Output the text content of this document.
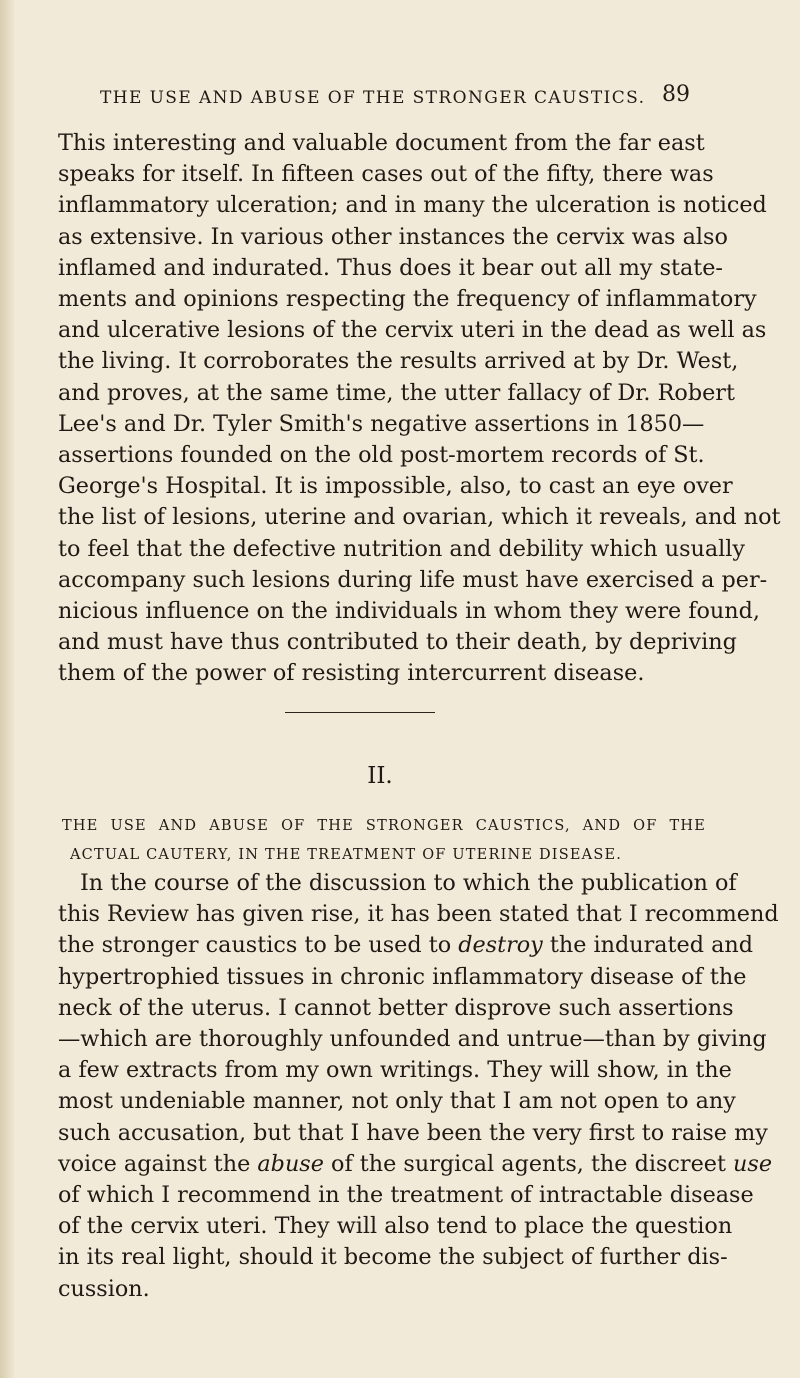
THE USE AND ABUSE OF THE STRONGER CAUSTICS. 89
This interesting and valuable document from the far east
speaks for itself. In fifteen cases out of the fifty, there was
inflammatory ulceration; and in many the ulceration is noticed
as extensive. In various other instances the cervix was also
inflamed and indurated. Thus does it bear out all my state-
ments and opinions respecting the frequency of inflammatory
and ulcerative lesions of the cervix uteri in the dead as well as
the living. It corroborates the results arrived at by Dr. West,
and proves, at the same time, the utter fallacy of Dr. Robert
Lee's and Dr. Tyler Smith's negative assertions in 1850—
assertions founded on the old post-mortem records of St.
George's Hospital. It is impossible, also, to cast an eye over
the list of lesions, uterine and ovarian, which it reveals, and not
to feel that the defective nutrition and debility which usually
accompany such lesions during life must have exercised a per-
nicious influence on the individuals in whom they were found,
and must have thus contributed to their death, by depriving
them of the power of resisting intercurrent disease.
II.
THE USE AND ABUSE OF THE STRONGER CAUSTICS, AND OF THE
ACTUAL CAUTERY, IN THE TREATMENT OF UTERINE DISEASE.
In the course of the discussion to which the publication of
this Review has given rise, it has been stated that I recommend
the stronger caustics to be used to destroy the indurated and
hypertrophied tissues in chronic inflammatory disease of the
neck of the uterus. I cannot better disprove such assertions
—which are thoroughly unfounded and untrue—than by giving
a few extracts from my own writings. They will show, in the
most undeniable manner, not only that I am not open to any
such accusation, but that I have been the very first to raise my
voice against the abuse of the surgical agents, the discreet use
of which I recommend in the treatment of intractable disease
of the cervix uteri. They will also tend to place the question
in its real light, should it become the subject of further dis-
cussion.
